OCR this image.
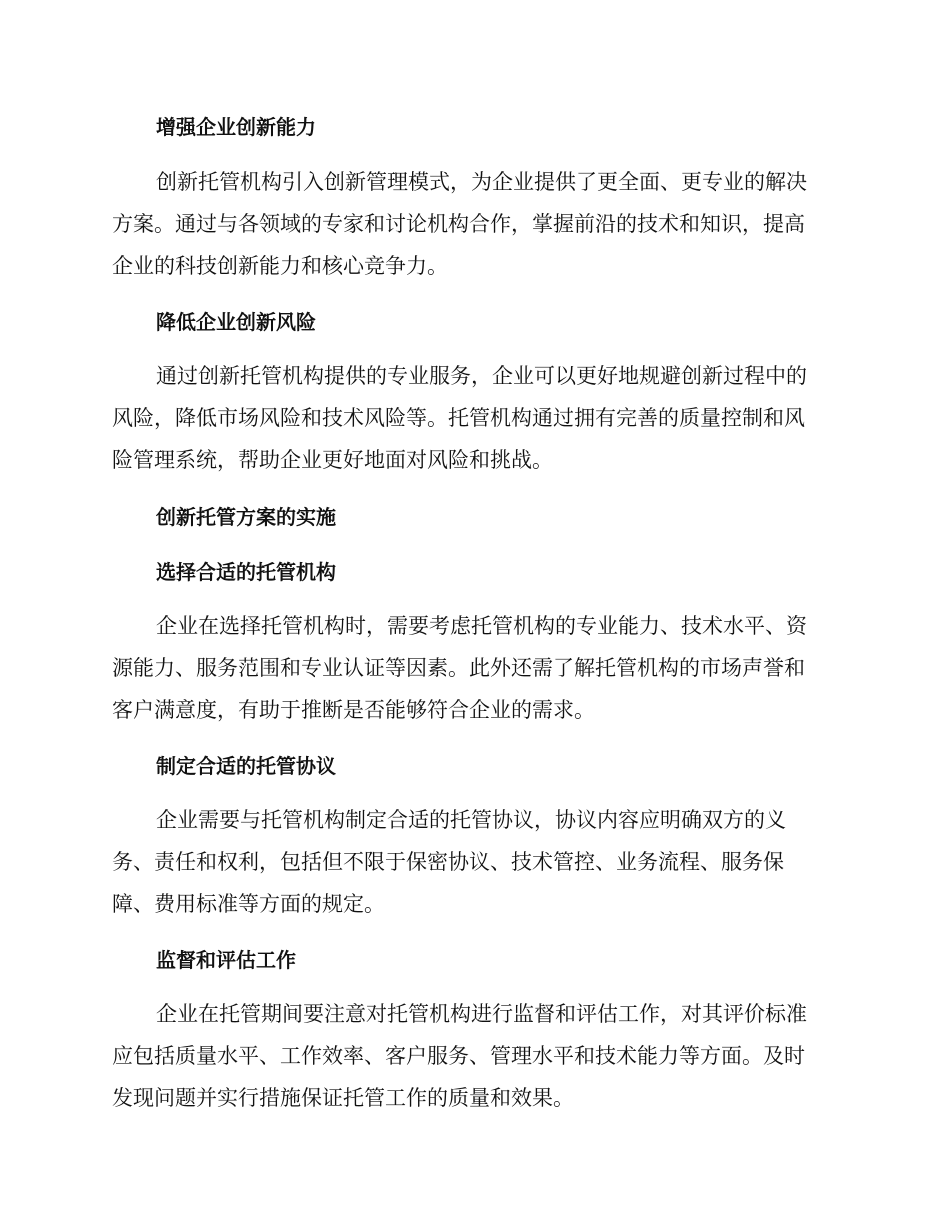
增强企业创新能力
创新托管机构引入创新管理模式，为企业提供了更全面、更专业的解决
方案。通过与各领域的专家和讨论机构合作，掌握前沿的技术和知识，提高
企业的科技创新能力和核心竞争力。
降低企业创新风险
通过创新托管机构提供的专业服务，企业可以更好地规避创新过程中的
风险，降低市场风险和技术风险等。托管机构通过拥有完善的质量控制和风
险管理系统，帮助企业更好地面对风险和挑战。
创新托管方案的实施
选择合适的托管机构
企业在选择托管机构时，需要考虑托管机构的专业能力、技术水平、资
源能力、服务范围和专业认证等因素。此外还需了解托管机构的市场声誉和
客户满意度，有助于推断是否能够符合企业的需求。
制定合适的托管协议
企业需要与托管机构制定合适的托管协议，协议内容应明确双方的义
务、责任和权利，包括但不限于保密协议、技术管控、业务流程、服务保
障、费用标准等方面的规定。
监督和评估工作
企业在托管期间要注意对托管机构进行监督和评估工作，对其评价标准
应包括质量水平、工作效率、客户服务、管理水平和技术能力等方面。及时
发现问题并实行措施保证托管工作的质量和效果。
